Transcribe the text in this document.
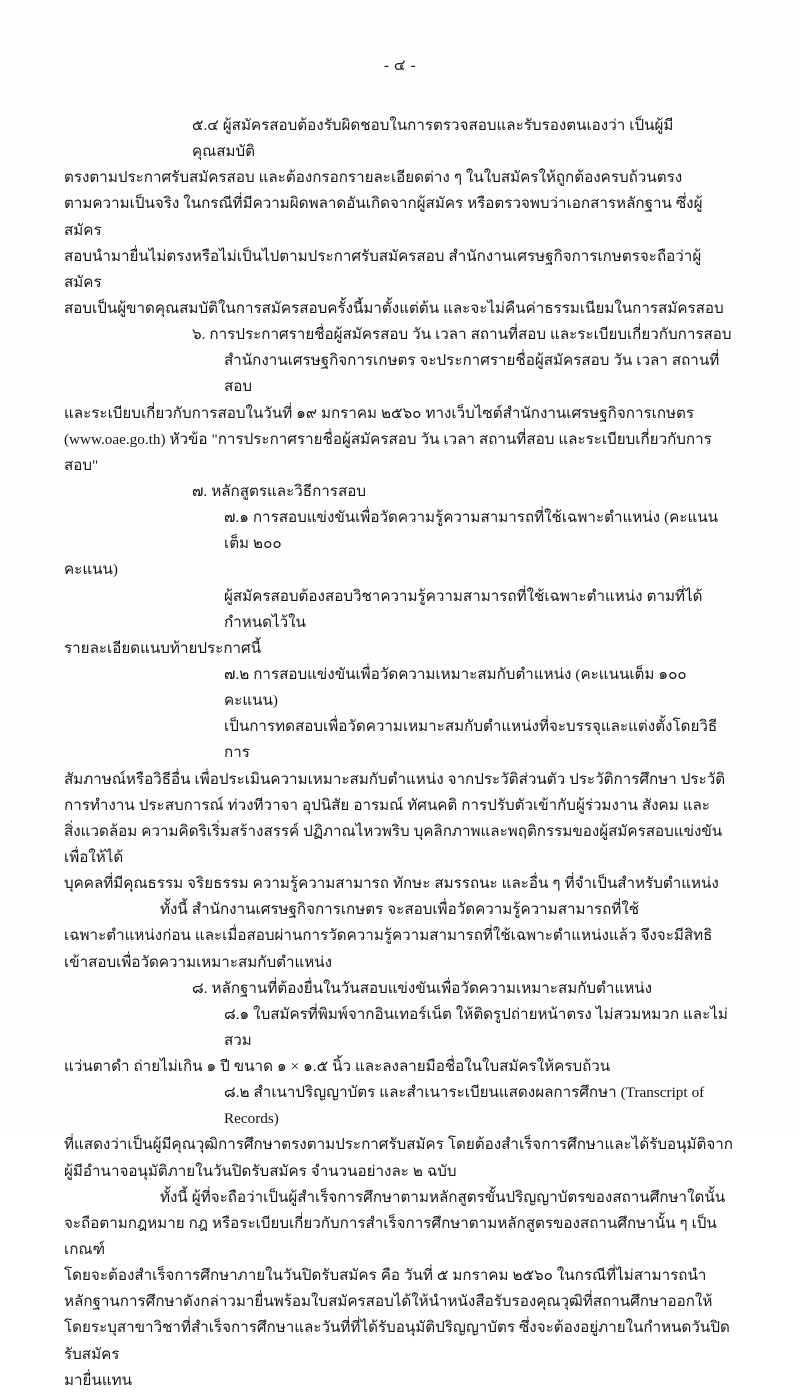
- ๔ -

๕.๔ ผู้สมัครสอบต้องรับผิดชอบในการตรวจสอบและรับรองตนเองว่า เป็นผู้มีคุณสมบัติ

ตรงตามประกาศรับสมัครสอบ และต้องกรอกรายละเอียดต่าง ๆ ในใบสมัครให้ถูกต้องครบถ้วนตรง

ตามความเป็นจริง ในกรณีที่มีความผิดพลาดอันเกิดจากผู้สมัคร หรือตรวจพบว่าเอกสารหลักฐาน ซึ่งผู้สมัคร

สอบนำมายื่นไม่ตรงหรือไม่เป็นไปตามประกาศรับสมัครสอบ สำนักงานเศรษฐกิจการเกษตรจะถือว่าผู้สมัคร

สอบเป็นผู้ขาดคุณสมบัติในการสมัครสอบครั้งนี้มาตั้งแต่ต้น และจะไม่คืนค่าธรรมเนียมในการสมัครสอบ

๖. การประกาศรายชื่อผู้สมัครสอบ วัน เวลา สถานที่สอบ และระเบียบเกี่ยวกับการสอบ

สำนักงานเศรษฐกิจการเกษตร จะประกาศรายชื่อผู้สมัครสอบ วัน เวลา สถานที่สอบ

และระเบียบเกี่ยวกับการสอบในวันที่ ๑๙ มกราคม ๒๕๖๐ ทางเว็บไซต์สำนักงานเศรษฐกิจการเกษตร

(www.oae.go.th) หัวข้อ "การประกาศรายชื่อผู้สมัครสอบ วัน เวลา สถานที่สอบ และระเบียบเกี่ยวกับการสอบ"

๗. หลักสูตรและวิธีการสอบ

๗.๑ การสอบแข่งขันเพื่อวัดความรู้ความสามารถที่ใช้เฉพาะตำแหน่ง (คะแนนเต็ม ๒๐๐

คะแนน)

ผู้สมัครสอบต้องสอบวิชาความรู้ความสามารถที่ใช้เฉพาะตำแหน่ง ตามที่ได้กำหนดไว้ใน

รายละเอียดแนบท้ายประกาศนี้

๗.๒ การสอบแข่งขันเพื่อวัดความเหมาะสมกับตำแหน่ง (คะแนนเต็ม ๑๐๐ คะแนน)

เป็นการทดสอบเพื่อวัดความเหมาะสมกับตำแหน่งที่จะบรรจุและแต่งตั้งโดยวิธีการ

สัมภาษณ์หรือวิธีอื่น เพื่อประเมินความเหมาะสมกับตำแหน่ง จากประวัติส่วนตัว ประวัติการศึกษา ประวัติ

การทำงาน ประสบการณ์ ท่วงทีวาจา อุปนิสัย อารมณ์ ทัศนคติ การปรับตัวเข้ากับผู้ร่วมงาน สังคม และ

สิ่งแวดล้อม ความคิดริเริ่มสร้างสรรค์ ปฏิภาณไหวพริบ บุคลิกภาพและพฤติกรรมของผู้สมัครสอบแข่งขัน เพื่อให้ได้

บุคคลที่มีคุณธรรม จริยธรรม ความรู้ความสามารถ ทักษะ สมรรถนะ และอื่น ๆ ที่จำเป็นสำหรับตำแหน่ง

ทั้งนี้ สำนักงานเศรษฐกิจการเกษตร จะสอบเพื่อวัดความรู้ความสามารถที่ใช้

เฉพาะตำแหน่งก่อน และเมื่อสอบผ่านการวัดความรู้ความสามารถที่ใช้เฉพาะตำแหน่งแล้ว จึงจะมีสิทธิ

เข้าสอบเพื่อวัดความเหมาะสมกับตำแหน่ง

๘. หลักฐานที่ต้องยื่นในวันสอบแข่งขันเพื่อวัดความเหมาะสมกับตำแหน่ง

๘.๑ ใบสมัครที่พิมพ์จากอินเทอร์เน็ต ให้ติดรูปถ่ายหน้าตรง ไม่สวมหมวก และไม่สวม

แว่นตาดำ ถ่ายไม่เกิน ๑ ปี ขนาด ๑ × ๑.๕ นิ้ว และลงลายมือชื่อในใบสมัครให้ครบถ้วน

๘.๒ สำเนาปริญญาบัตร และสำเนาระเบียนแสดงผลการศึกษา (Transcript of Records)

ที่แสดงว่าเป็นผู้มีคุณวุฒิการศึกษาตรงตามประกาศรับสมัคร โดยต้องสำเร็จการศึกษาและได้รับอนุมัติจาก

ผู้มีอำนาจอนุมัติภายในวันปิดรับสมัคร จำนวนอย่างละ ๒ ฉบับ

ทั้งนี้ ผู้ที่จะถือว่าเป็นผู้สำเร็จการศึกษาตามหลักสูตรขั้นปริญญาบัตรของสถานศึกษาใดนั้น

จะถือตามกฎหมาย กฎ หรือระเบียบเกี่ยวกับการสำเร็จการศึกษาตามหลักสูตรของสถานศึกษานั้น ๆ เป็นเกณฑ์

โดยจะต้องสำเร็จการศึกษาภายในวันปิดรับสมัคร คือ วันที่ ๕ มกราคม ๒๕๖๐ ในกรณีที่ไม่สามารถนำ

หลักฐานการศึกษาดังกล่าวมายื่นพร้อมใบสมัครสอบได้ให้นำหนังสือรับรองคุณวุฒิที่สถานศึกษาออกให้

โดยระบุสาขาวิชาที่สำเร็จการศึกษาและวันที่ที่ได้รับอนุมัติปริญญาบัตร ซึ่งจะต้องอยู่ภายในกำหนดวันปิดรับสมัคร

มายื่นแทน
